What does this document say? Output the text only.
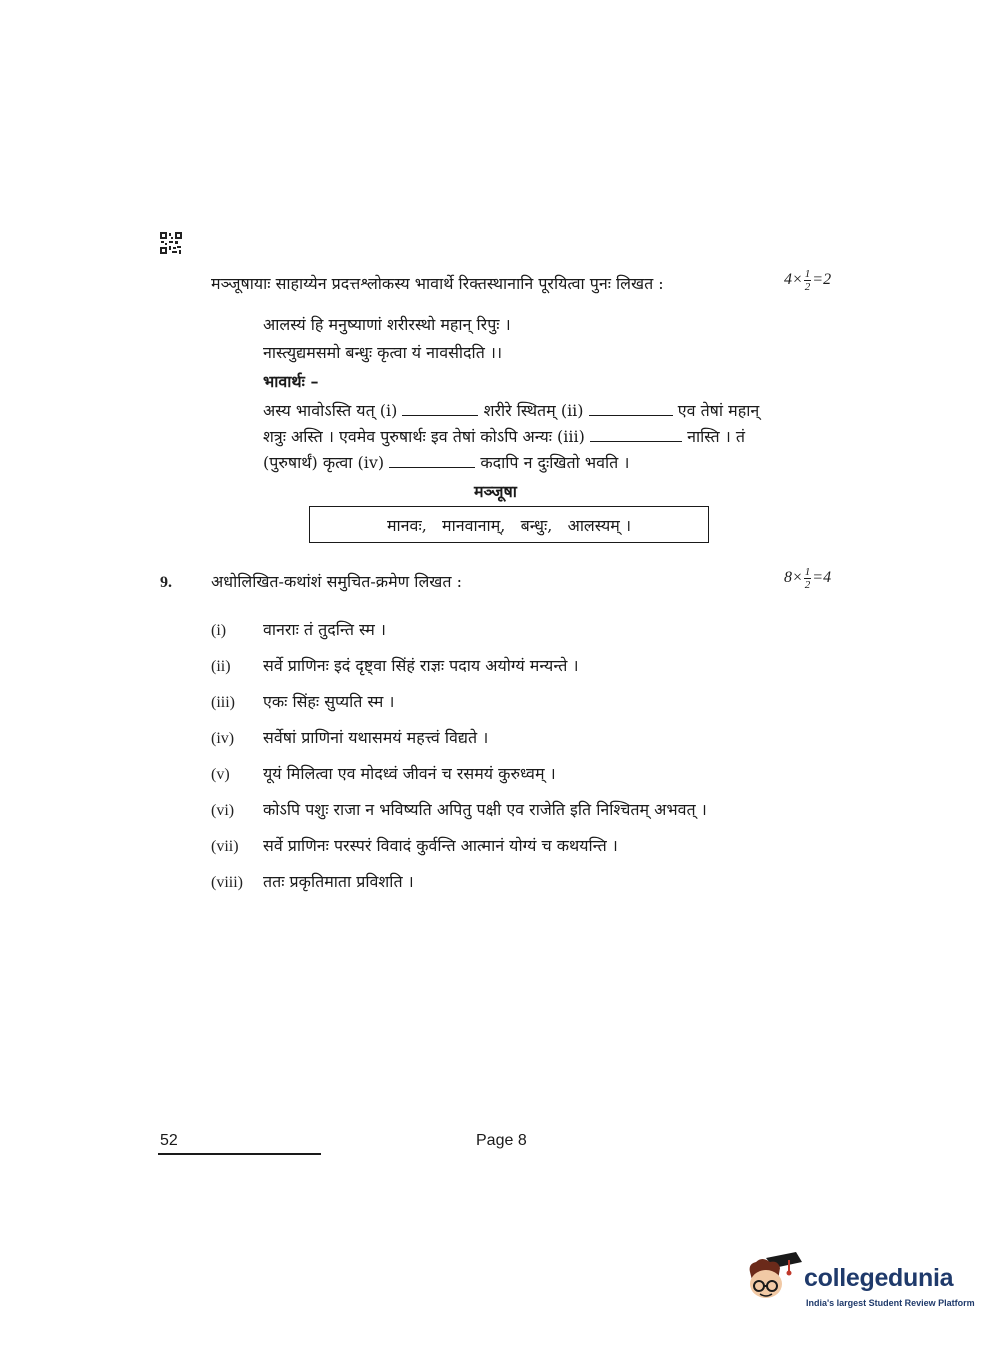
मञ्जूषायाः साहाय्येन प्रदत्तश्लोकस्य भावार्थे रिक्तस्थानानि पूरयित्वा पुनः लिखत :	$4\times \frac{1}{2} =2$
आलस्यं हि मनुष्याणां शरीरस्थो महान् रिपुः ।
नास्त्युद्यमसमो बन्धुः कृत्वा यं नावसीदति ।।
भावार्थः –
अस्य भावोऽस्ति यत् (i)	शरीरे स्थितम् (ii)	एव तेषां महान्
शत्रुः अस्ति । एवमेव पुरुषार्थः इव तेषां कोऽपि अन्यः (iii)	नास्ति । तं
(पुरुषार्थं) कृत्वा (iv)	कदापि न दुःखितो भवति ।
मञ्जूषा
मानवः,   मानवानाम्,   बन्धुः,   आलस्यम् ।
9. अधोलिखित-कथांशं समुचित-क्रमेण लिखत :	$8\times \frac{1}{2} =4$
(i) वानराः तं तुदन्ति स्म ।
(ii) सर्वे प्राणिनः इदं दृष्ट्वा सिंहं राज्ञः पदाय अयोग्यं मन्यन्ते ।
(iii) एकः सिंहः सुप्यति स्म ।
(iv) सर्वेषां प्राणिनां यथासमयं महत्त्वं विद्यते ।
(v) यूयं मिलित्वा एव मोदध्वं जीवनं च रसमयं कुरुध्वम् ।
(vi) कोऽपि पशुः राजा न भविष्यति अपितु पक्षी एव राजेति इति निश्चितम् अभवत् ।
(vii) सर्वे प्राणिनः परस्परं विवादं कुर्वन्ति आत्मानं योग्यं च कथयन्ति ।
(viii) ततः प्रकृतिमाता प्रविशति ।
52	Page 8
collegedunia
India's largest Student Review Platform
